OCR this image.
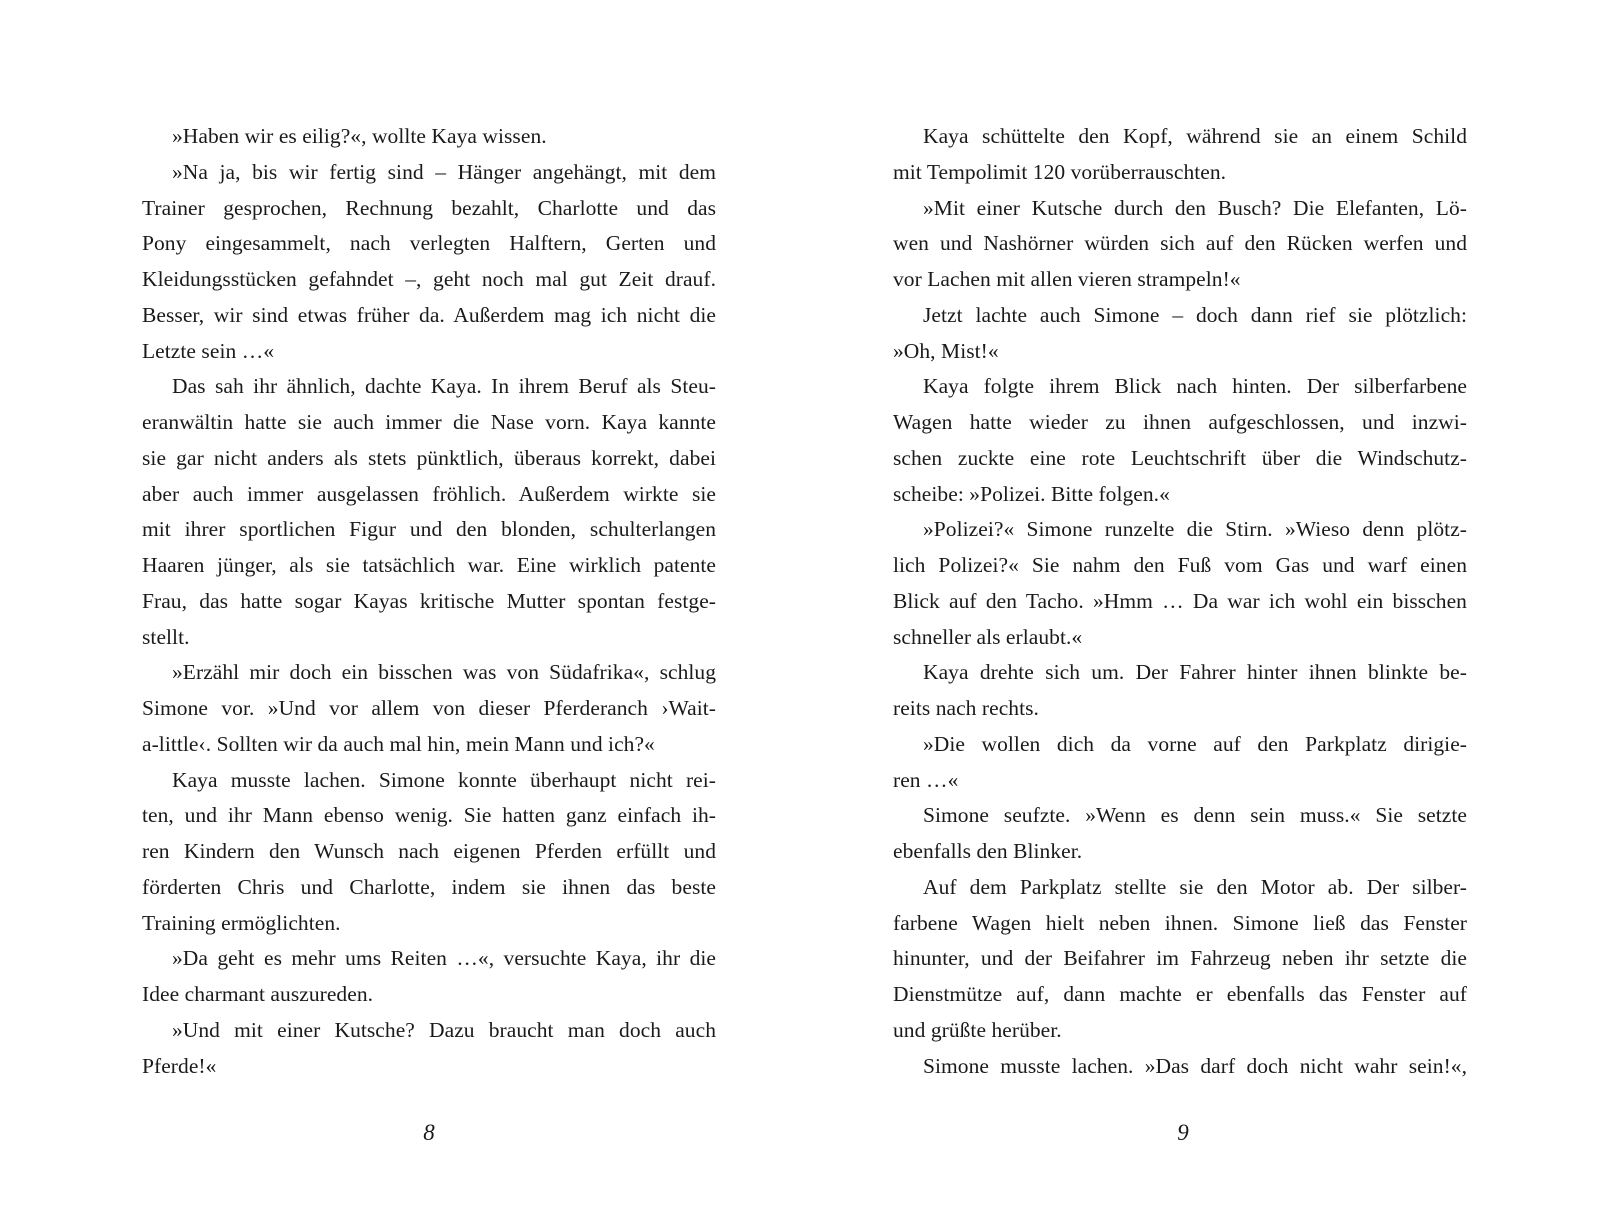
»Haben wir es eilig?«, wollte Kaya wissen.
»Na ja, bis wir fertig sind – Hänger angehängt, mit dem
Trainer gesprochen, Rechnung bezahlt, Charlotte und das
Pony eingesammelt, nach verlegten Halftern, Gerten und
Kleidungsstücken gefahndet –, geht noch mal gut Zeit drauf.
Besser, wir sind etwas früher da. Außerdem mag ich nicht die
Letzte sein …«
Das sah ihr ähnlich, dachte Kaya. In ihrem Beruf als Steu-
eranwältin hatte sie auch immer die Nase vorn. Kaya kannte
sie gar nicht anders als stets pünktlich, überaus korrekt, dabei
aber auch immer ausgelassen fröhlich. Außerdem wirkte sie
mit ihrer sportlichen Figur und den blonden, schulterlangen
Haaren jünger, als sie tatsächlich war. Eine wirklich patente
Frau, das hatte sogar Kayas kritische Mutter spontan festge-
stellt.
»Erzähl mir doch ein bisschen was von Südafrika«, schlug
Simone vor. »Und vor allem von dieser Pferderanch ›Wait-
a-little‹. Sollten wir da auch mal hin, mein Mann und ich?«
Kaya musste lachen. Simone konnte überhaupt nicht rei-
ten, und ihr Mann ebenso wenig. Sie hatten ganz einfach ih-
ren Kindern den Wunsch nach eigenen Pferden erfüllt und
förderten Chris und Charlotte, indem sie ihnen das beste
Training ermöglichten.
»Da geht es mehr ums Reiten …«, versuchte Kaya, ihr die
Idee charmant auszureden.
»Und mit einer Kutsche? Dazu braucht man doch auch
Pferde!«
Kaya schüttelte den Kopf, während sie an einem Schild
mit Tempolimit 120 vorüberrauschten.
»Mit einer Kutsche durch den Busch? Die Elefanten, Lö-
wen und Nashörner würden sich auf den Rücken werfen und
vor Lachen mit allen vieren strampeln!«
Jetzt lachte auch Simone – doch dann rief sie plötzlich:
»Oh, Mist!«
Kaya folgte ihrem Blick nach hinten. Der silberfarbene
Wagen hatte wieder zu ihnen aufgeschlossen, und inzwi-
schen zuckte eine rote Leuchtschrift über die Windschutz-
scheibe: »Polizei. Bitte folgen.«
»Polizei?« Simone runzelte die Stirn. »Wieso denn plötz-
lich Polizei?« Sie nahm den Fuß vom Gas und warf einen
Blick auf den Tacho. »Hmm … Da war ich wohl ein bisschen
schneller als erlaubt.«
Kaya drehte sich um. Der Fahrer hinter ihnen blinkte be-
reits nach rechts.
»Die wollen dich da vorne auf den Parkplatz dirigie-
ren …«
Simone seufzte. »Wenn es denn sein muss.« Sie setzte
ebenfalls den Blinker.
Auf dem Parkplatz stellte sie den Motor ab. Der silber-
farbene Wagen hielt neben ihnen. Simone ließ das Fenster
hinunter, und der Beifahrer im Fahrzeug neben ihr setzte die
Dienstmütze auf, dann machte er ebenfalls das Fenster auf
und grüßte herüber.
Simone musste lachen. »Das darf doch nicht wahr sein!«,
8	9
